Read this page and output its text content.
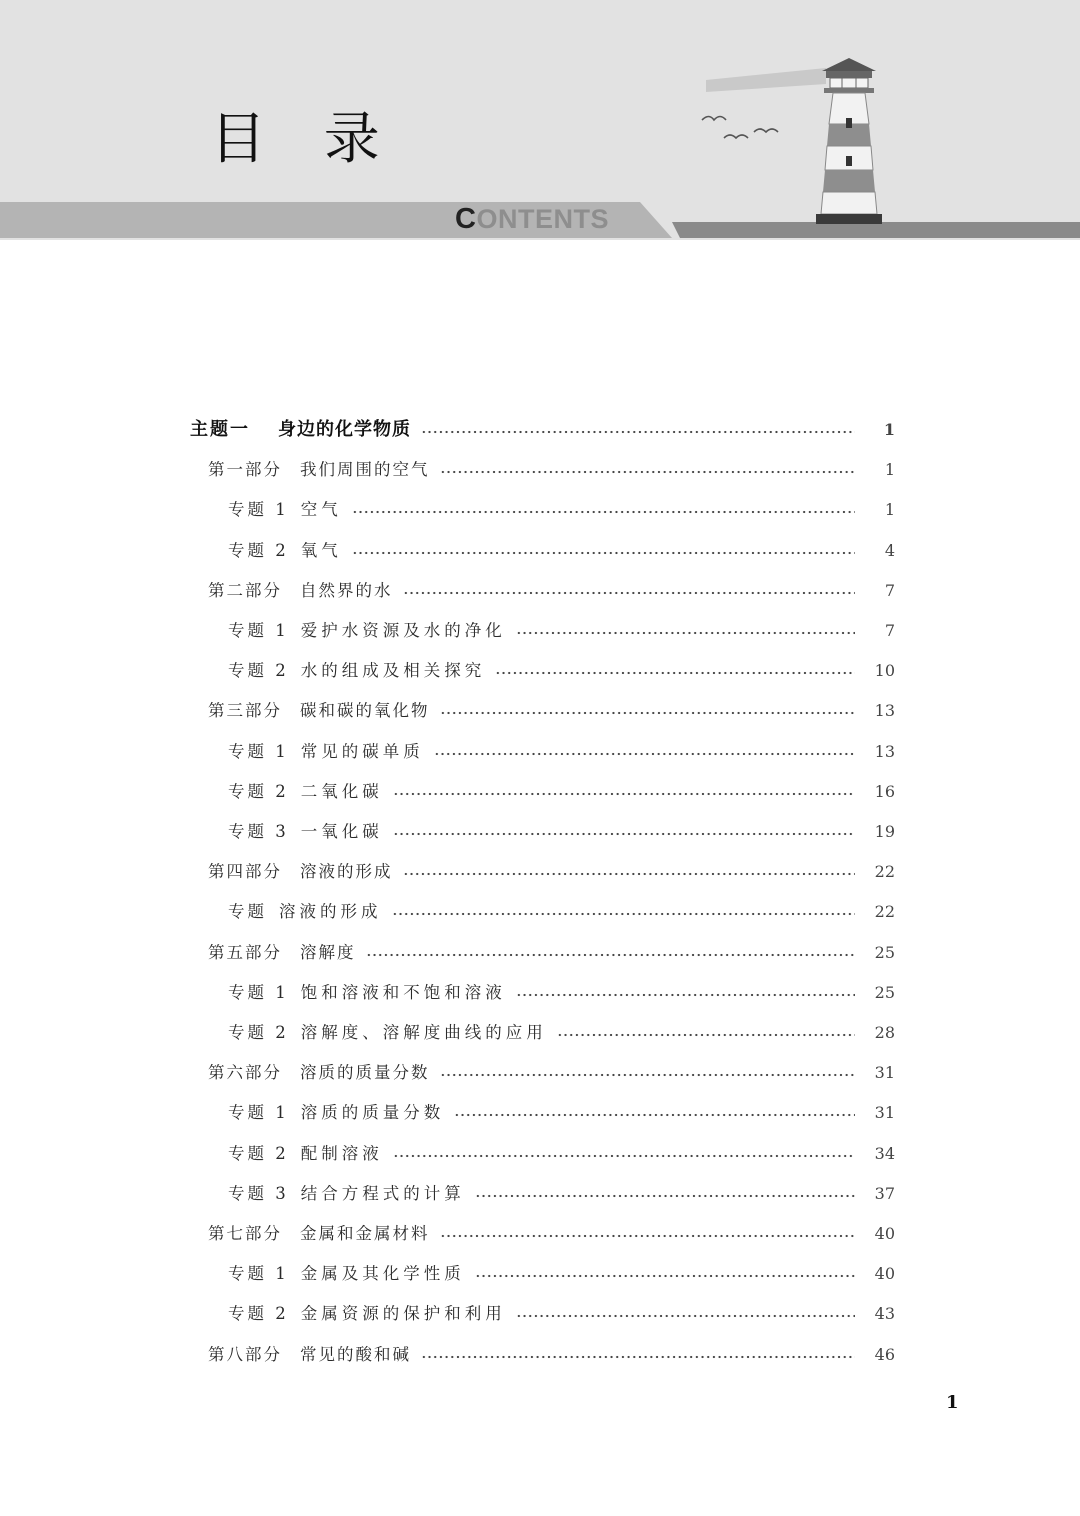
目 录
CONTENTS
主题一 身边的化学物质	1
第一部分 我们周围的空气	1
专题 1 空气	1
专题 2 氧气	4
第二部分 自然界的水	7
专题 1 爱护水资源及水的净化	7
专题 2 水的组成及相关探究	10
第三部分 碳和碳的氧化物	13
专题 1 常见的碳单质	13
专题 2 二氧化碳	16
专题 3 一氧化碳	19
第四部分 溶液的形成	22
专题 溶液的形成	22
第五部分 溶解度	25
专题 1 饱和溶液和不饱和溶液	25
专题 2 溶解度、溶解度曲线的应用	28
第六部分 溶质的质量分数	31
专题 1 溶质的质量分数	31
专题 2 配制溶液	34
专题 3 结合方程式的计算	37
第七部分 金属和金属材料	40
专题 1 金属及其化学性质	40
专题 2 金属资源的保护和利用	43
第八部分 常见的酸和碱	46
1
